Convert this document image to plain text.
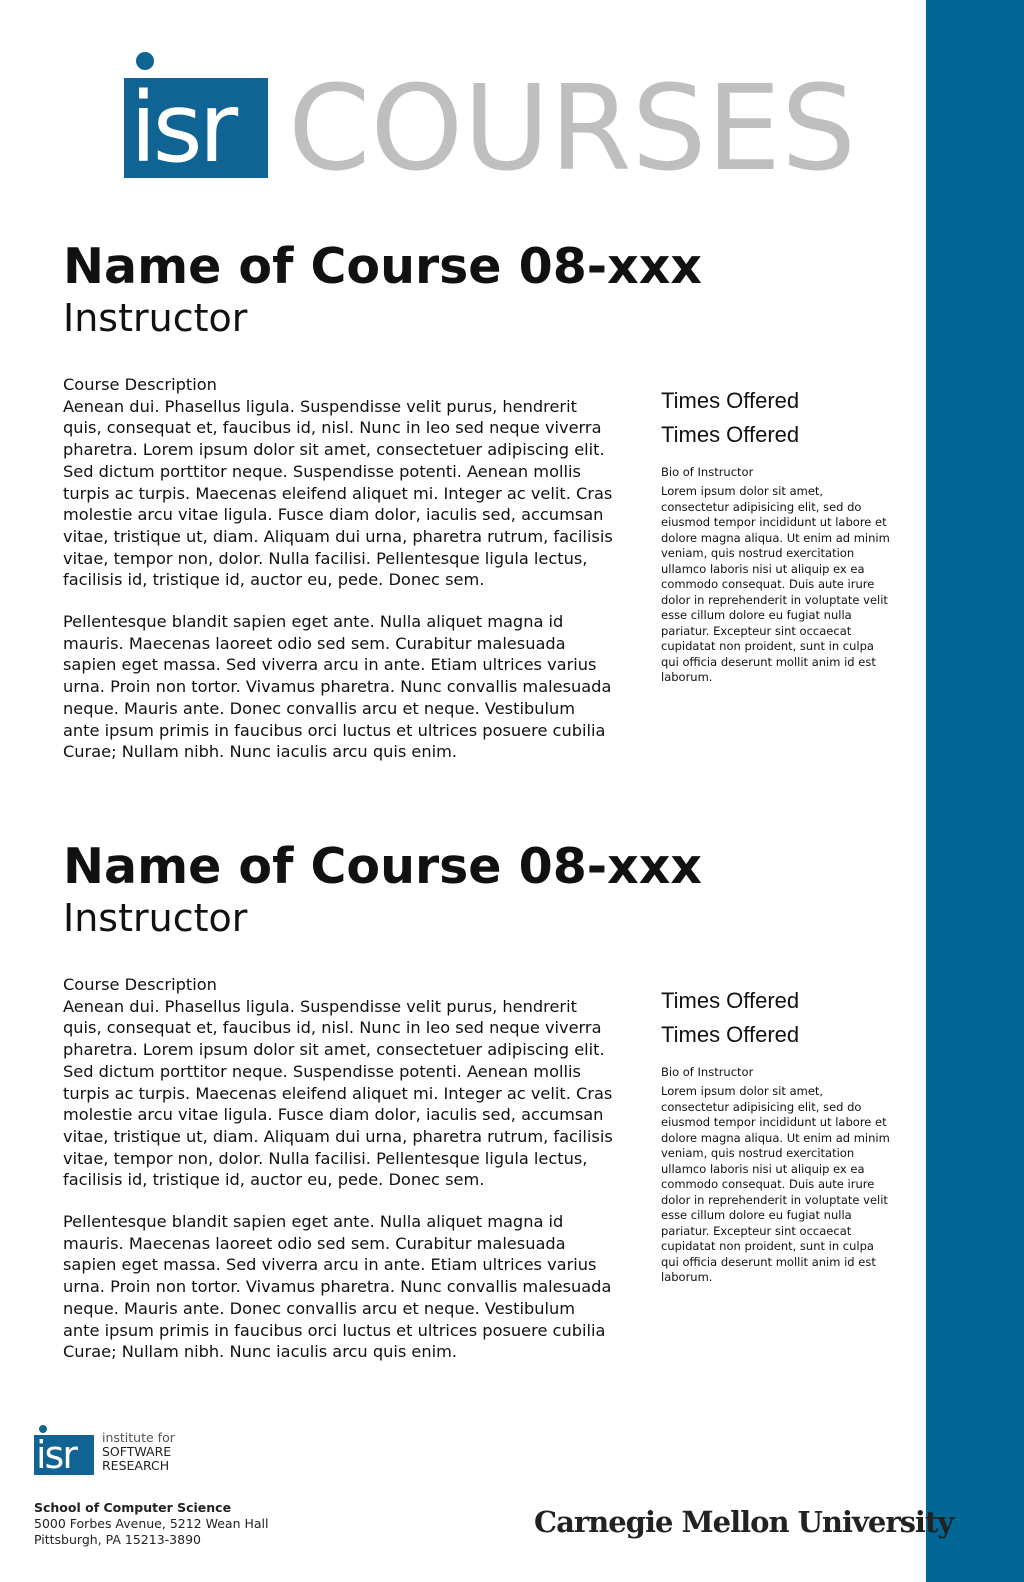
isr COURSES
Name of Course 08-xxx
Instructor
Course Description

Aenean dui. Phasellus ligula. Suspendisse velit purus, hendrerit quis, consequat et, faucibus id, nisl. Nunc in leo sed neque viverra pharetra. Lorem ipsum dolor sit amet, consectetuer adipiscing elit. Sed dictum porttitor neque. Suspendisse potenti. Aenean mollis turpis ac turpis. Maecenas eleifend aliquet mi. Integer ac velit. Cras molestie arcu vitae ligula. Fusce diam dolor, iaculis sed, accumsan vitae, tristique ut, diam. Aliquam dui urna, pharetra rutrum, facilisis vitae, tempor non, dolor. Nulla facilisi. Pellentesque ligula lectus, facilisis id, tristique id, auctor eu, pede. Donec sem.

Pellentesque blandit sapien eget ante. Nulla aliquet magna id mauris. Maecenas laoreet odio sed sem. Curabitur malesuada sapien eget massa. Sed viverra arcu in ante. Etiam ultrices varius urna. Proin non tortor. Vivamus pharetra. Nunc convallis malesuada neque. Mauris ante. Donec convallis arcu et neque. Vestibulum ante ipsum primis in faucibus orci luctus et ultrices posuere cubilia Curae; Nullam nibh. Nunc iaculis arcu quis enim.

Times Offered
Times Offered
Bio of Instructor
Lorem ipsum dolor sit amet, consectetur adipisicing elit, sed do eiusmod tempor incididunt ut labore et dolore magna aliqua. Ut enim ad minim veniam, quis nostrud exercitation ullamco laboris nisi ut aliquip ex ea commodo consequat. Duis aute irure dolor in reprehenderit in voluptate velit esse cillum dolore eu fugiat nulla pariatur. Excepteur sint occaecat cupidatat non proident, sunt in culpa qui officia deserunt mollit anim id est laborum.
Name of Course 08-xxx
Instructor
Course Description

Aenean dui. Phasellus ligula. Suspendisse velit purus, hendrerit quis, consequat et, faucibus id, nisl. Nunc in leo sed neque viverra pharetra. Lorem ipsum dolor sit amet, consectetuer adipiscing elit. Sed dictum porttitor neque. Suspendisse potenti. Aenean mollis turpis ac turpis. Maecenas eleifend aliquet mi. Integer ac velit. Cras molestie arcu vitae ligula. Fusce diam dolor, iaculis sed, accumsan vitae, tristique ut, diam. Aliquam dui urna, pharetra rutrum, facilisis vitae, tempor non, dolor. Nulla facilisi. Pellentesque ligula lectus, facilisis id, tristique id, auctor eu, pede. Donec sem.

Pellentesque blandit sapien eget ante. Nulla aliquet magna id mauris. Maecenas laoreet odio sed sem. Curabitur malesuada sapien eget massa. Sed viverra arcu in ante. Etiam ultrices varius urna. Proin non tortor. Vivamus pharetra. Nunc convallis malesuada neque. Mauris ante. Donec convallis arcu et neque. Vestibulum ante ipsum primis in faucibus orci luctus et ultrices posuere cubilia Curae; Nullam nibh. Nunc iaculis arcu quis enim.

Times Offered
Times Offered
Bio of Instructor
Lorem ipsum dolor sit amet, consectetur adipisicing elit, sed do eiusmod tempor incididunt ut labore et dolore magna aliqua. Ut enim ad minim veniam, quis nostrud exercitation ullamco laboris nisi ut aliquip ex ea commodo consequat. Duis aute irure dolor in reprehenderit in voluptate velit esse cillum dolore eu fugiat nulla pariatur. Excepteur sint occaecat cupidatat non proident, sunt in culpa qui officia deserunt mollit anim id est laborum.
isr institute for
SOFTWARE
RESEARCH
School of Computer Science
5000 Forbes Avenue, 5212 Wean Hall
Pittsburgh, PA 15213-3890
Carnegie Mellon University
